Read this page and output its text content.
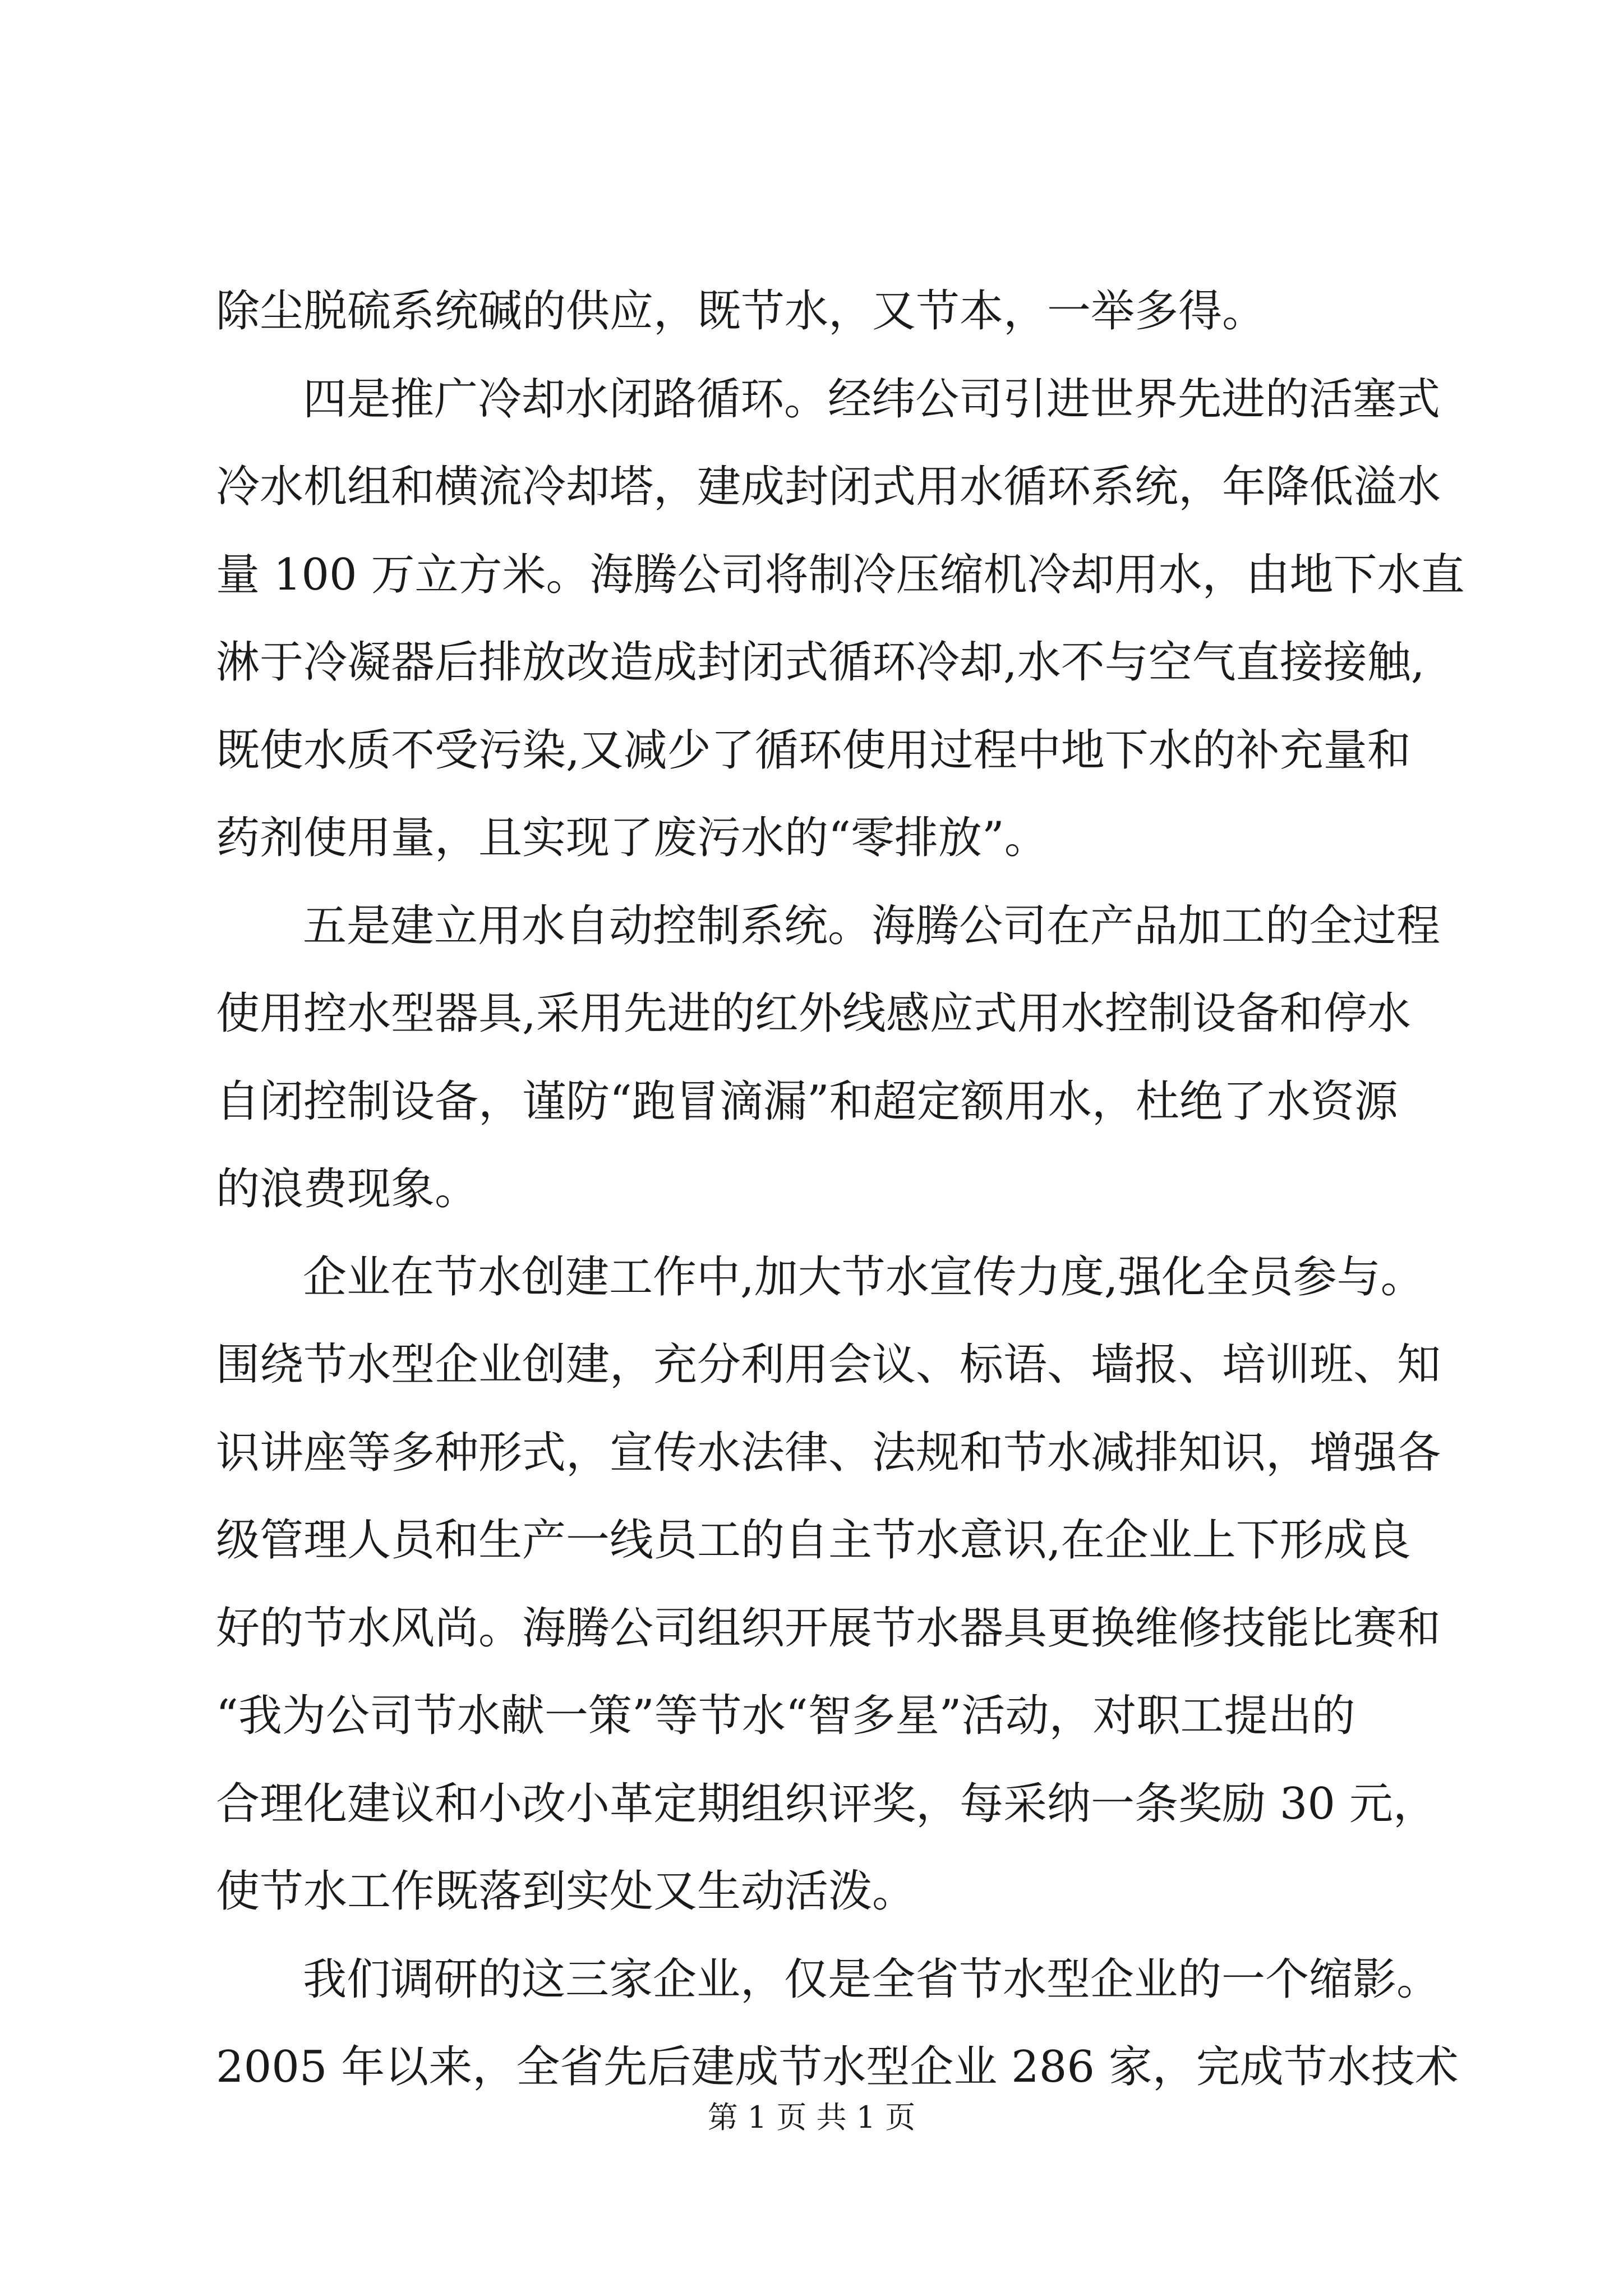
除尘脱硫系统碱的供应，既节水，又节本，一举多得。
四是推广冷却水闭路循环。经纬公司引进世界先进的活塞式
冷水机组和横流冷却塔，建成封闭式用水循环系统，年降低溢水
量 100 万立方米。海腾公司将制冷压缩机冷却用水，由地下水直
淋于冷凝器后排放改造成封闭式循环冷却,水不与空气直接接触,
既使水质不受污染,又减少了循环使用过程中地下水的补充量和
药剂使用量，且实现了废污水的“零排放”。
五是建立用水自动控制系统。海腾公司在产品加工的全过程
使用控水型器具,采用先进的红外线感应式用水控制设备和停水
自闭控制设备，谨防“跑冒滴漏”和超定额用水，杜绝了水资源
的浪费现象。
企业在节水创建工作中,加大节水宣传力度,强化全员参与。
围绕节水型企业创建，充分利用会议、标语、墙报、培训班、知
识讲座等多种形式，宣传水法律、法规和节水减排知识，增强各
级管理人员和生产一线员工的自主节水意识,在企业上下形成良
好的节水风尚。海腾公司组织开展节水器具更换维修技能比赛和
“我为公司节水献一策”等节水“智多星”活动，对职工提出的
合理化建议和小改小革定期组织评奖，每采纳一条奖励 30 元，
使节水工作既落到实处又生动活泼。
我们调研的这三家企业，仅是全省节水型企业的一个缩影。
2005 年以来，全省先后建成节水型企业 286 家，完成节水技术
第 1 页 共 1 页
